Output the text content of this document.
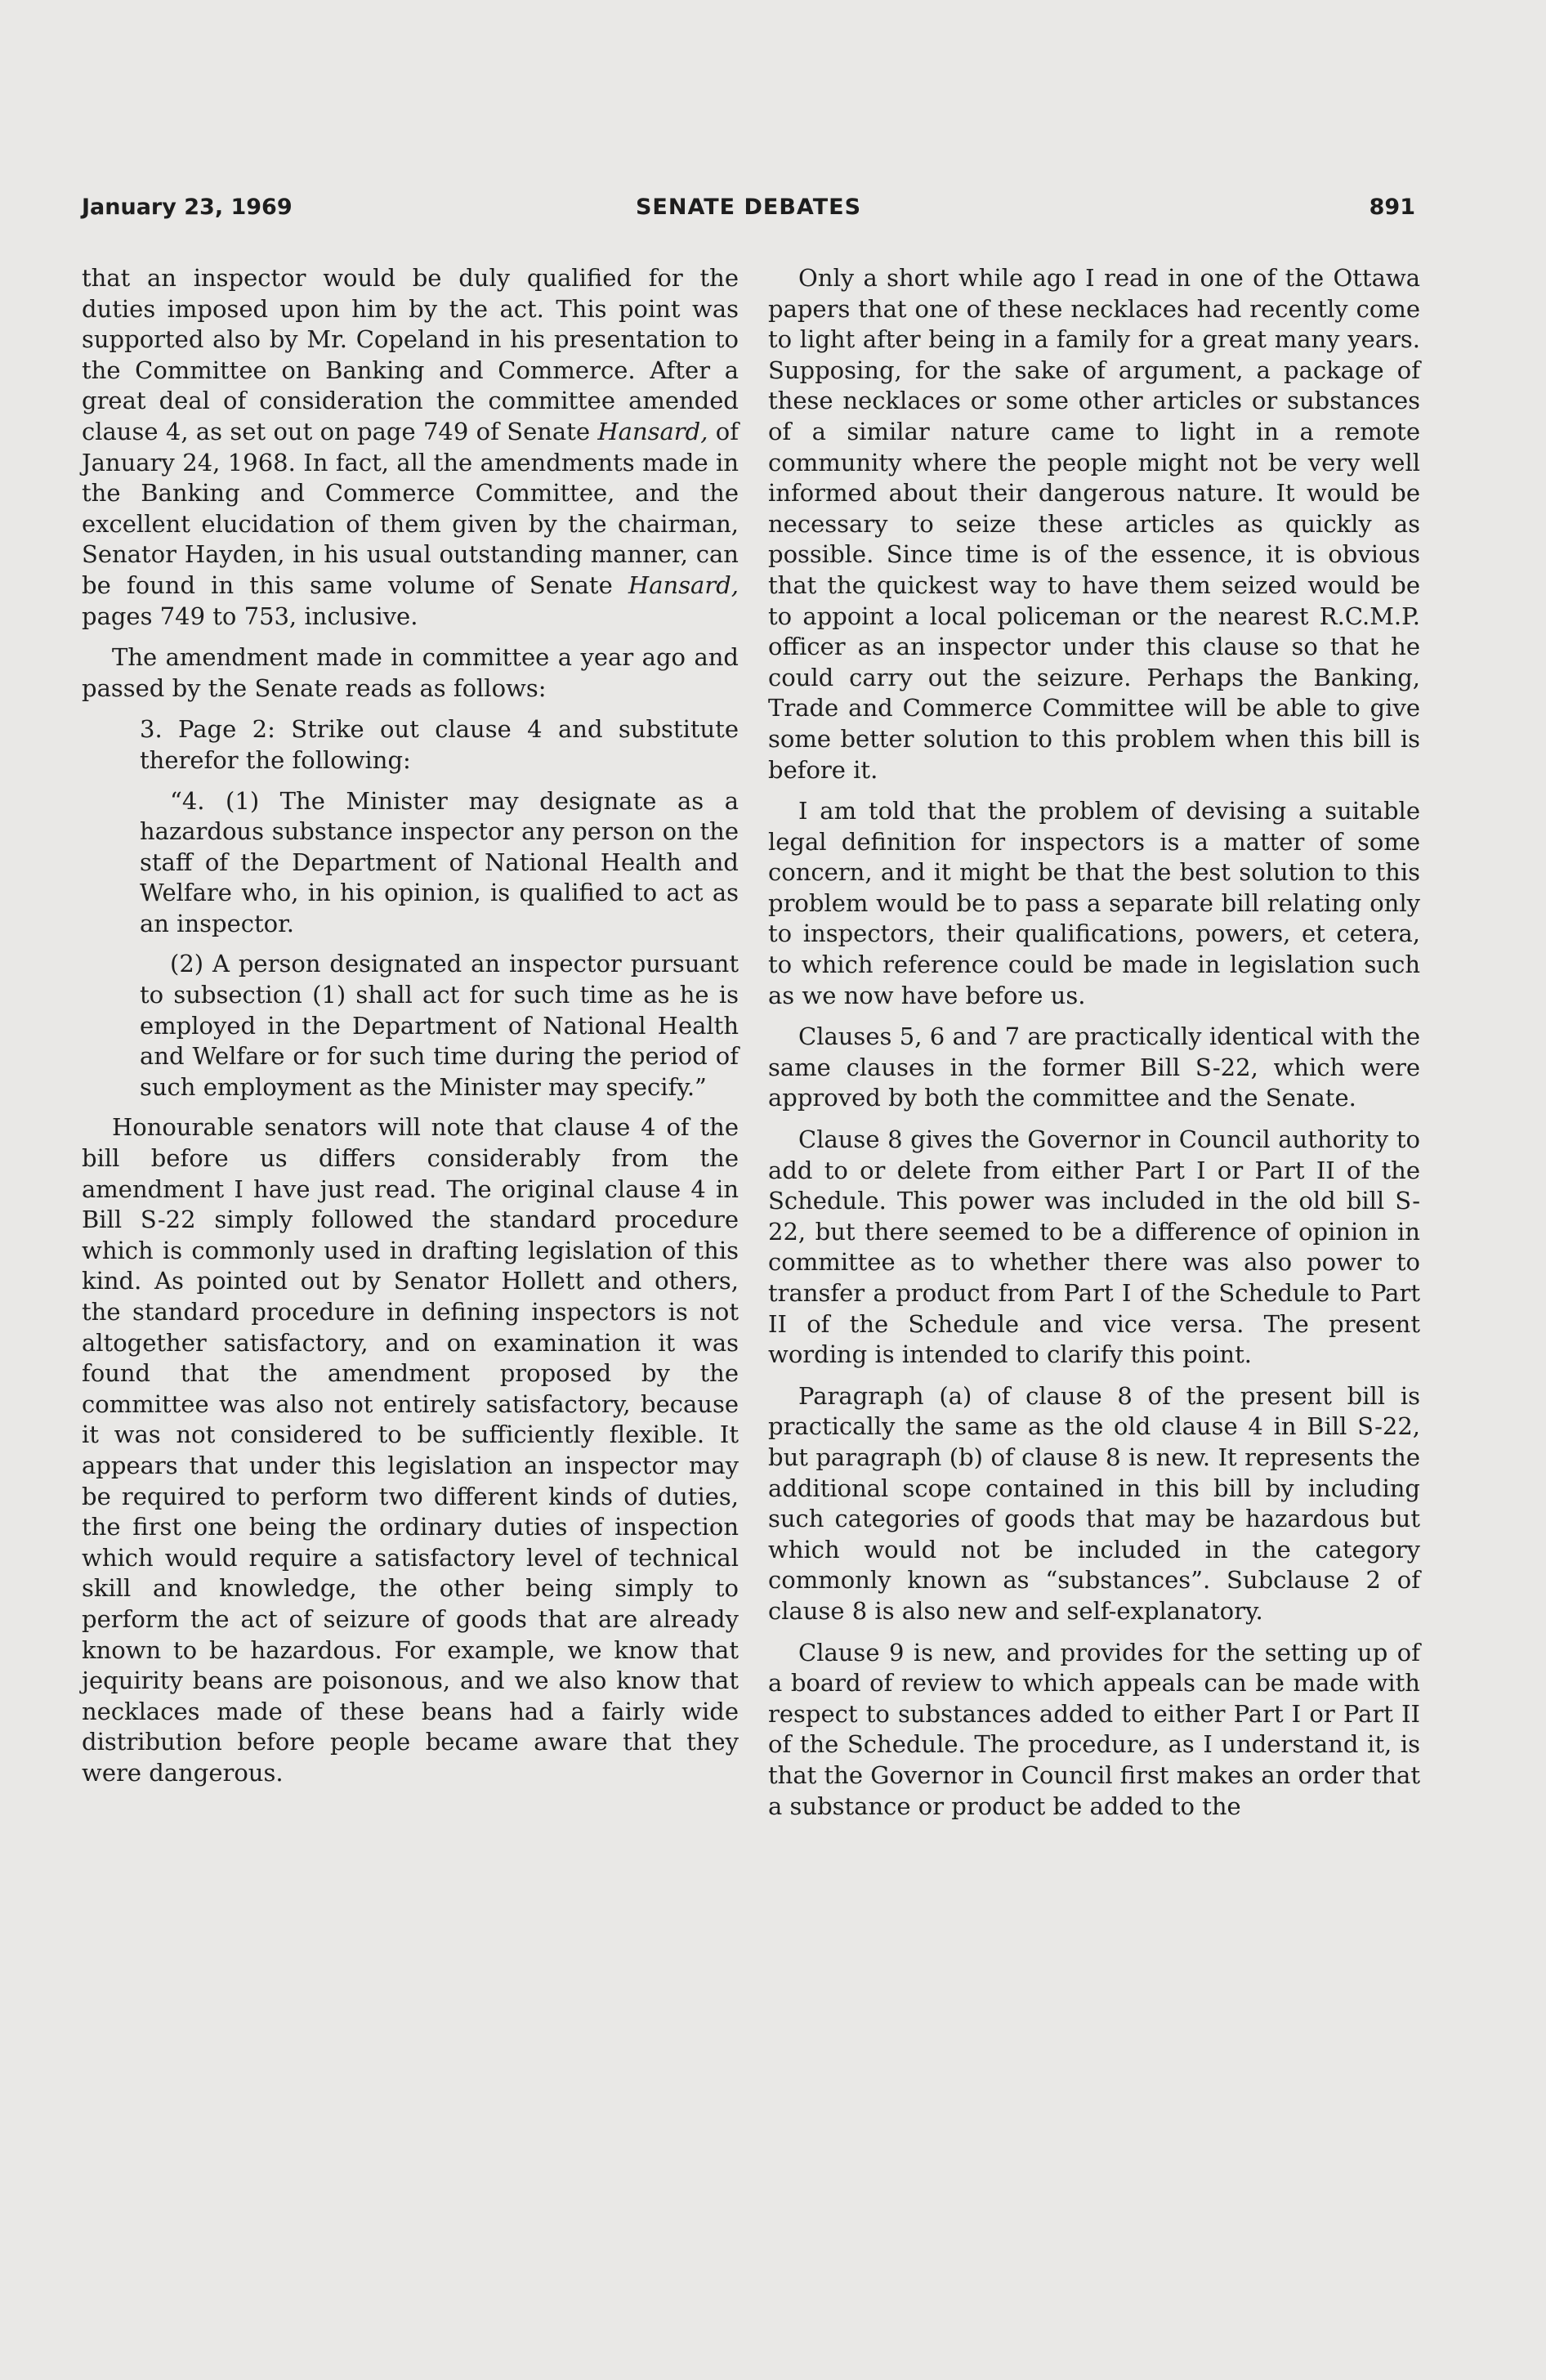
January 23, 1969	SENATE DEBATES	891

that an inspector would be duly qualified for the duties imposed upon him by the act. This point was supported also by Mr. Copeland in his presentation to the Committee on Banking and Commerce. After a great deal of consideration the committee amended clause 4, as set out on page 749 of Senate Hansard, of January 24, 1968. In fact, all the amendments made in the Banking and Commerce Committee, and the excellent elucidation of them given by the chairman, Senator Hayden, in his usual outstanding manner, can be found in this same volume of Senate Hansard, pages 749 to 753, inclusive.

The amendment made in committee a year ago and passed by the Senate reads as follows:

3. Page 2: Strike out clause 4 and substitute therefor the following:

“4. (1) The Minister may designate as a hazardous substance inspector any person on the staff of the Department of National Health and Welfare who, in his opinion, is qualified to act as an inspector.

(2) A person designated an inspector pursuant to subsection (1) shall act for such time as he is employed in the Department of National Health and Welfare or for such time during the period of such employment as the Minister may specify.”

Honourable senators will note that clause 4 of the bill before us differs considerably from the amendment I have just read. The original clause 4 in Bill S-22 simply followed the standard procedure which is commonly used in drafting legislation of this kind. As pointed out by Senator Hollett and others, the standard procedure in defining inspectors is not altogether satisfactory, and on examination it was found that the amendment proposed by the committee was also not entirely satisfactory, because it was not considered to be sufficiently flexible. It appears that under this legislation an inspector may be required to perform two different kinds of duties, the first one being the ordinary duties of inspection which would require a satisfactory level of technical skill and knowledge, the other being simply to perform the act of seizure of goods that are already known to be hazardous. For example, we know that jequirity beans are poisonous, and we also know that necklaces made of these beans had a fairly wide distribution before people became aware that they were dangerous.

Only a short while ago I read in one of the Ottawa papers that one of these necklaces had recently come to light after being in a family for a great many years. Supposing, for the sake of argument, a package of these necklaces or some other articles or substances of a similar nature came to light in a remote community where the people might not be very well informed about their dangerous nature. It would be necessary to seize these articles as quickly as possible. Since time is of the essence, it is obvious that the quickest way to have them seized would be to appoint a local policeman or the nearest R.C.M.P. officer as an inspector under this clause so that he could carry out the seizure. Perhaps the Banking, Trade and Commerce Committee will be able to give some better solution to this problem when this bill is before it.

I am told that the problem of devising a suitable legal definition for inspectors is a matter of some concern, and it might be that the best solution to this problem would be to pass a separate bill relating only to inspectors, their qualifications, powers, et cetera, to which reference could be made in legislation such as we now have before us.

Clauses 5, 6 and 7 are practically identical with the same clauses in the former Bill S-22, which were approved by both the committee and the Senate.

Clause 8 gives the Governor in Council authority to add to or delete from either Part I or Part II of the Schedule. This power was included in the old bill S-22, but there seemed to be a difference of opinion in committee as to whether there was also power to transfer a product from Part I of the Schedule to Part II of the Schedule and vice versa. The present wording is intended to clarify this point.

Paragraph (a) of clause 8 of the present bill is practically the same as the old clause 4 in Bill S-22, but paragraph (b) of clause 8 is new. It represents the additional scope contained in this bill by including such categories of goods that may be hazardous but which would not be included in the category commonly known as “substances”. Subclause 2 of clause 8 is also new and self-explanatory.

Clause 9 is new, and provides for the setting up of a board of review to which appeals can be made with respect to substances added to either Part I or Part II of the Schedule. The procedure, as I understand it, is that the Governor in Council first makes an order that a substance or product be added to the
